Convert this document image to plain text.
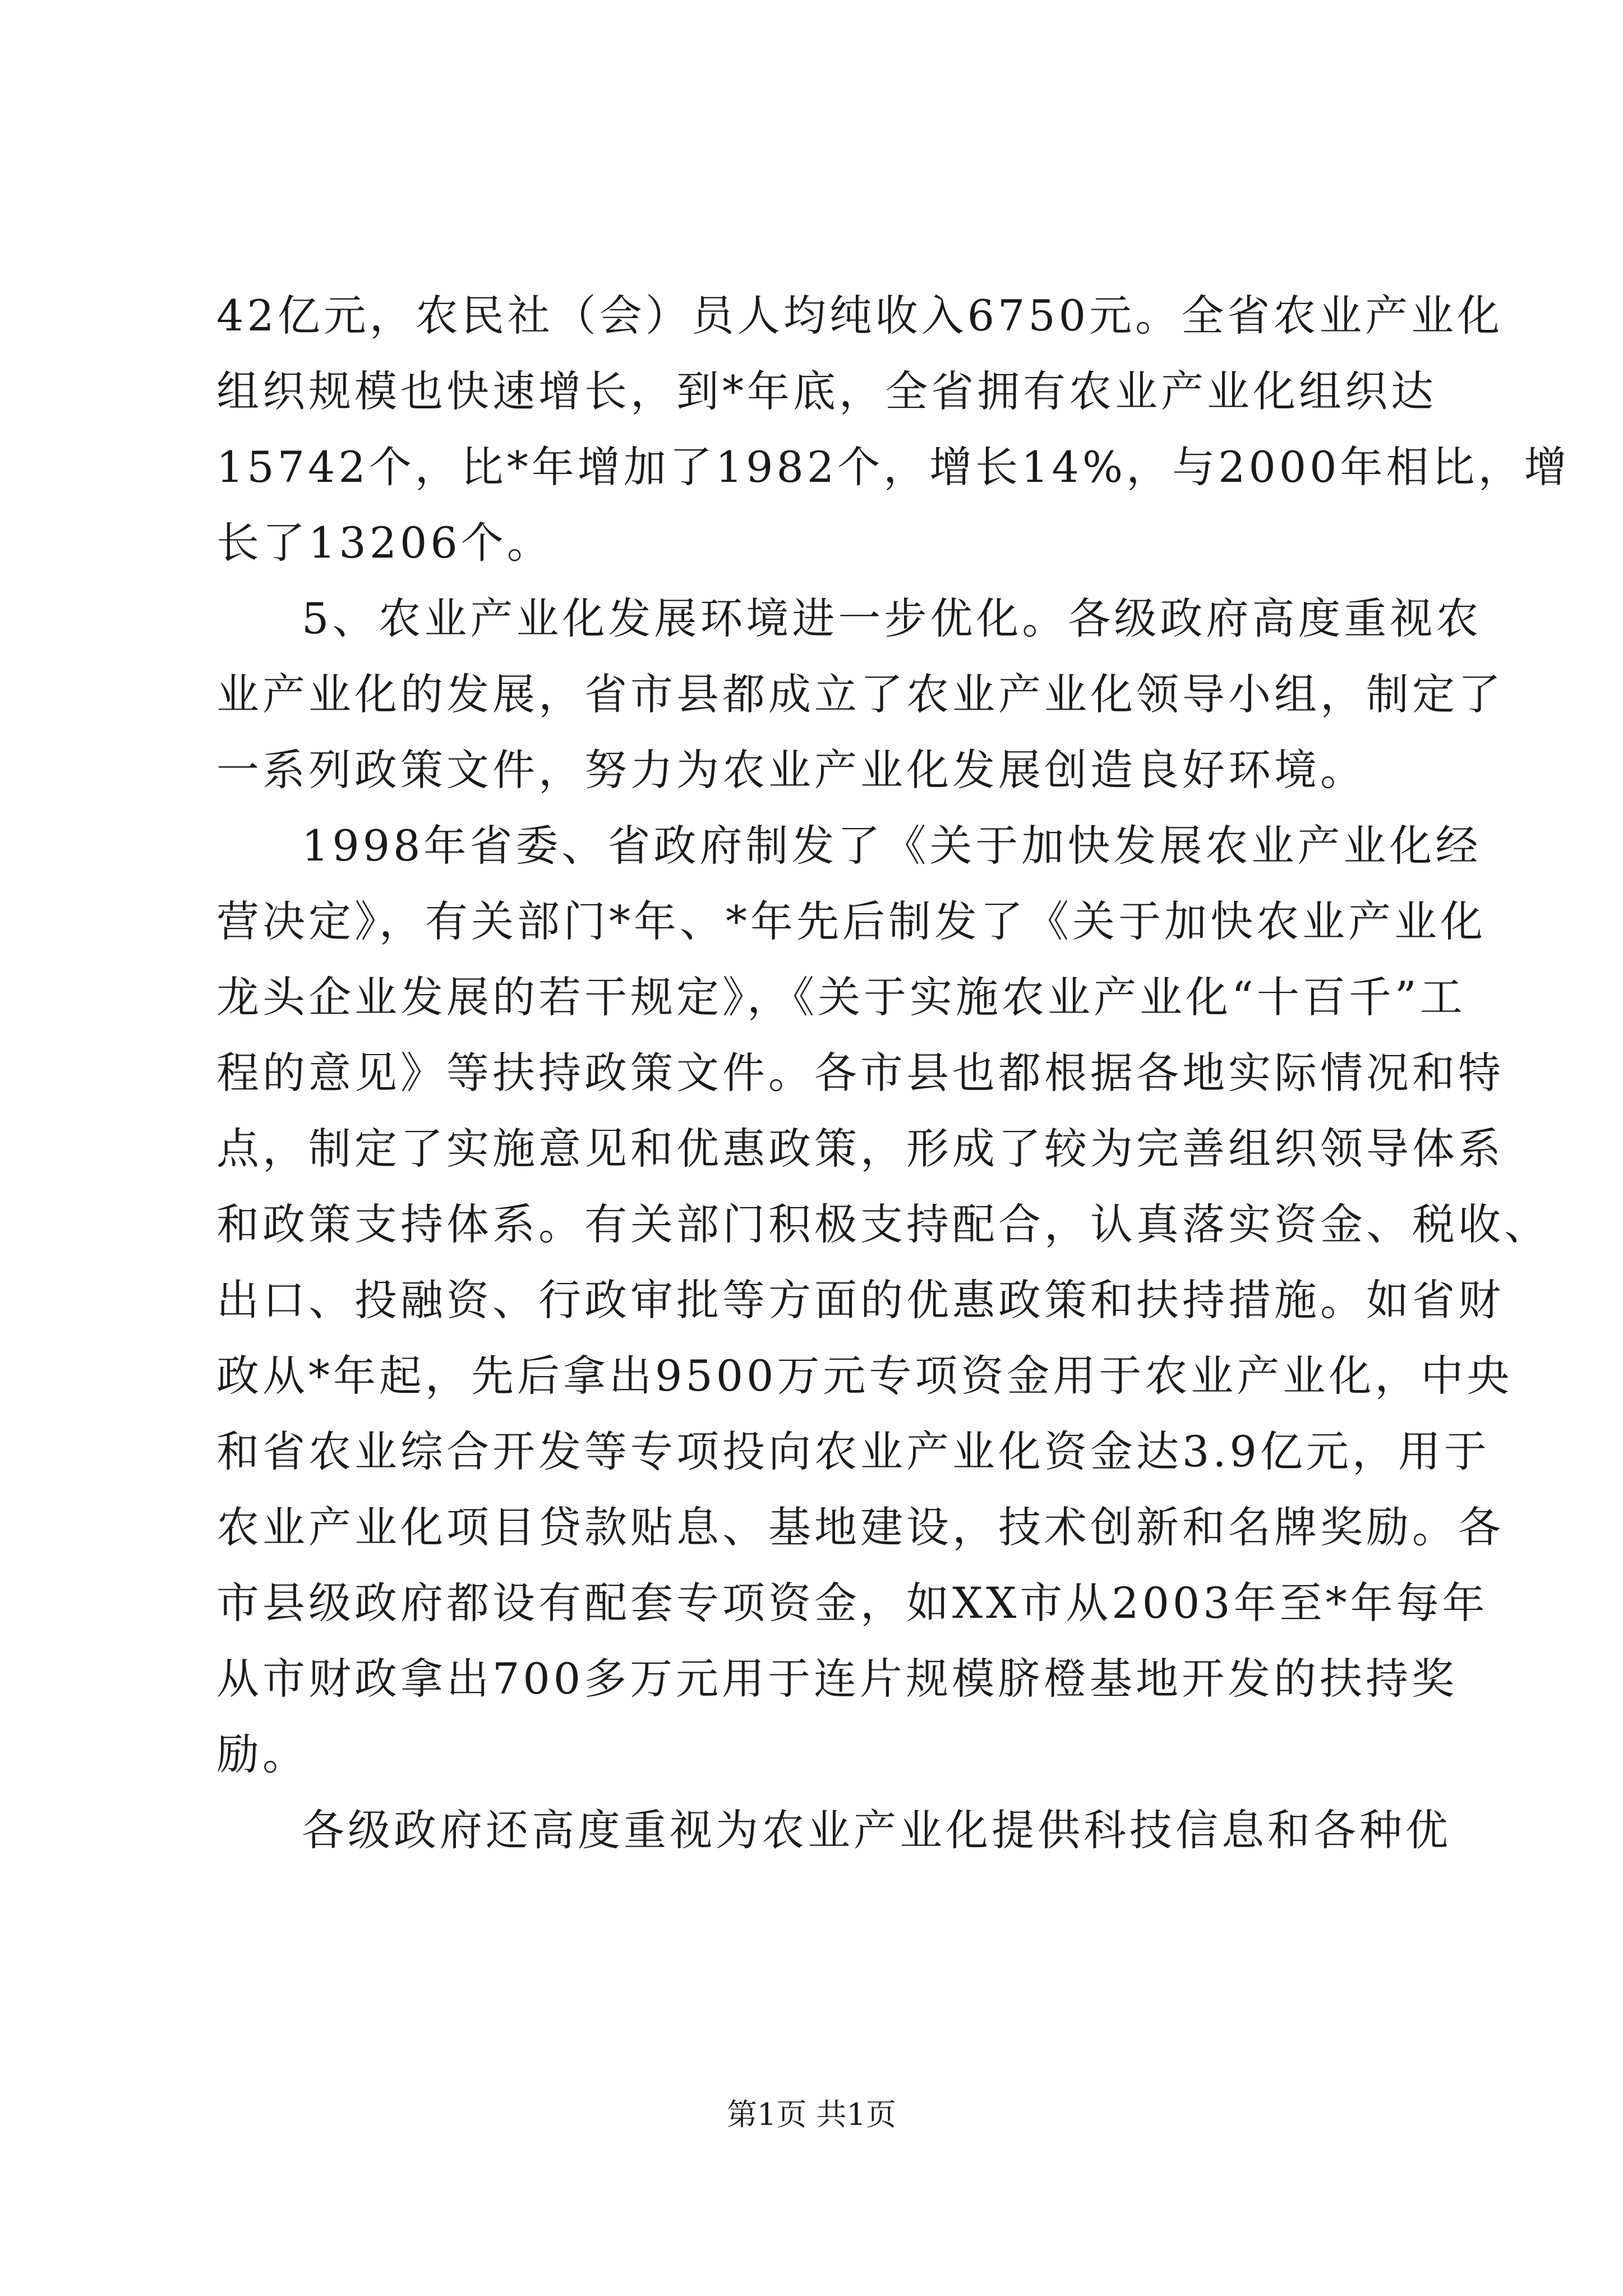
42亿元，农民社（会）员人均纯收入6750元。全省农业产业化
组织规模也快速增长，到*年底，全省拥有农业产业化组织达
15742个，比*年增加了1982个，增长14%，与2000年相比，增
长了13206个。
5、农业产业化发展环境进一步优化。各级政府高度重视农
业产业化的发展，省市县都成立了农业产业化领导小组，制定了
一系列政策文件，努力为农业产业化发展创造良好环境。
1998年省委、省政府制发了《关于加快发展农业产业化经
营决定》，有关部门*年、*年先后制发了《关于加快农业产业化
龙头企业发展的若干规定》，《关于实施农业产业化“十百千”工
程的意见》等扶持政策文件。各市县也都根据各地实际情况和特
点，制定了实施意见和优惠政策，形成了较为完善组织领导体系
和政策支持体系。有关部门积极支持配合，认真落实资金、税收、
出口、投融资、行政审批等方面的优惠政策和扶持措施。如省财
政从*年起，先后拿出9500万元专项资金用于农业产业化，中央
和省农业综合开发等专项投向农业产业化资金达3.9亿元，用于
农业产业化项目贷款贴息、基地建设，技术创新和名牌奖励。各
市县级政府都设有配套专项资金，如XX市从2003年至*年每年
从市财政拿出700多万元用于连片规模脐橙基地开发的扶持奖
励。
各级政府还高度重视为农业产业化提供科技信息和各种优
第1页 共1页
